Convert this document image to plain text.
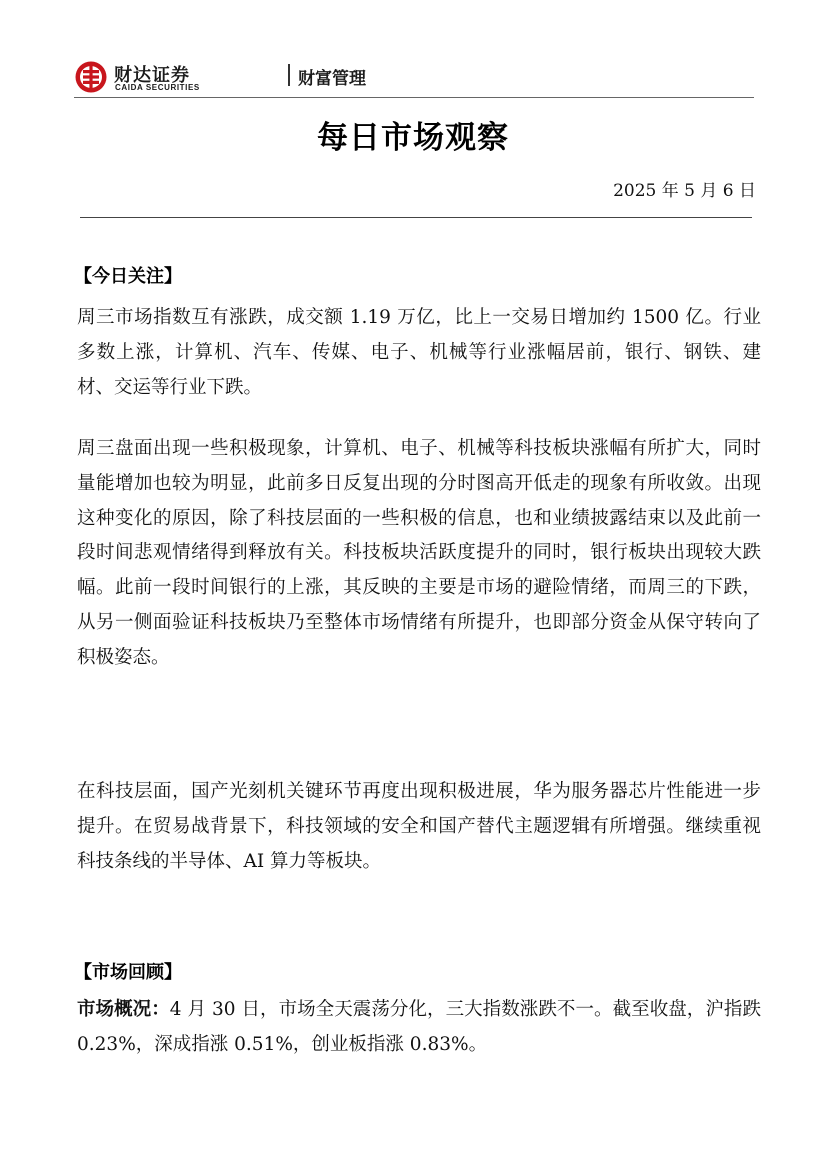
财达证券
CAIDA SECURITIES	财富管理
每日市场观察
2025 年 5 月 6 日
【今日关注】

周三市场指数互有涨跌，成交额 1.19 万亿，比上一交易日增加约 1500 亿。行业多数上涨，计算机、汽车、传媒、电子、机械等行业涨幅居前，银行、钢铁、建材、交运等行业下跌。

周三盘面出现一些积极现象，计算机、电子、机械等科技板块涨幅有所扩大，同时量能增加也较为明显，此前多日反复出现的分时图高开低走的现象有所收敛。出现这种变化的原因，除了科技层面的一些积极的信息，也和业绩披露结束以及此前一段时间悲观情绪得到释放有关。科技板块活跃度提升的同时，银行板块出现较大跌幅。此前一段时间银行的上涨，其反映的主要是市场的避险情绪，而周三的下跌，从另一侧面验证科技板块乃至整体市场情绪有所提升，也即部分资金从保守转向了积极姿态。

在科技层面，国产光刻机关键环节再度出现积极进展，华为服务器芯片性能进一步提升。在贸易战背景下，科技领域的安全和国产替代主题逻辑有所增强。继续重视科技条线的半导体、AI 算力等板块。

【市场回顾】

市场概况：4 月 30 日，市场全天震荡分化，三大指数涨跌不一。截至收盘，沪指跌 0.23%，深成指涨 0.51%，创业板指涨 0.83%。
